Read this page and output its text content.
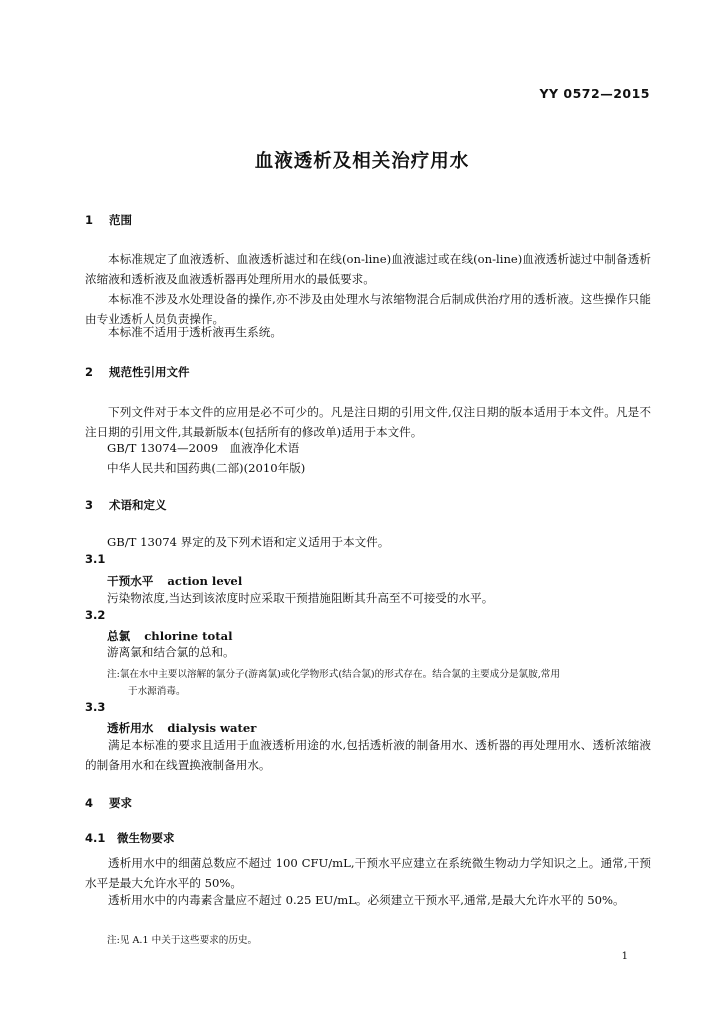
YY 0572—2015
血液透析及相关治疗用水
1 范围
本标准规定了血液透析、血液透析滤过和在线(on-line)血液滤过或在线(on-line)血液透析滤过中制备透析浓缩液和透析液及血液透析器再处理所用水的最低要求。
本标准不涉及水处理设备的操作,亦不涉及由处理水与浓缩物混合后制成供治疗用的透析液。这些操作只能由专业透析人员负责操作。
本标准不适用于透析液再生系统。
2 规范性引用文件
下列文件对于本文件的应用是必不可少的。凡是注日期的引用文件,仅注日期的版本适用于本文件。凡是不注日期的引用文件,其最新版本(包括所有的修改单)适用于本文件。
GB/T 13074—2009　血液净化术语
中华人民共和国药典(二部)(2010年版)
3 术语和定义
GB/T 13074 界定的及下列术语和定义适用于本文件。
3.1
干预水平 action level
污染物浓度,当达到该浓度时应采取干预措施阻断其升高至不可接受的水平。
3.2
总氯 chlorine total
游离氯和结合氯的总和。
注:氯在水中主要以溶解的氯分子(游离氯)或化学物形式(结合氯)的形式存在。结合氯的主要成分是氯胺,常用
于水源消毒。
3.3
透析用水 dialysis water
满足本标准的要求且适用于血液透析用途的水,包括透析液的制备用水、透析器的再处理用水、透析浓缩液的制备用水和在线置换液制备用水。
4 要求
4.1 微生物要求
透析用水中的细菌总数应不超过 100 CFU/mL,干预水平应建立在系统微生物动力学知识之上。通常,干预水平是最大允许水平的 50%。
透析用水中的内毒素含量应不超过 0.25 EU/mL。必须建立干预水平,通常,是最大允许水平的 50%。
注:见 A.1 中关于这些要求的历史。
1
